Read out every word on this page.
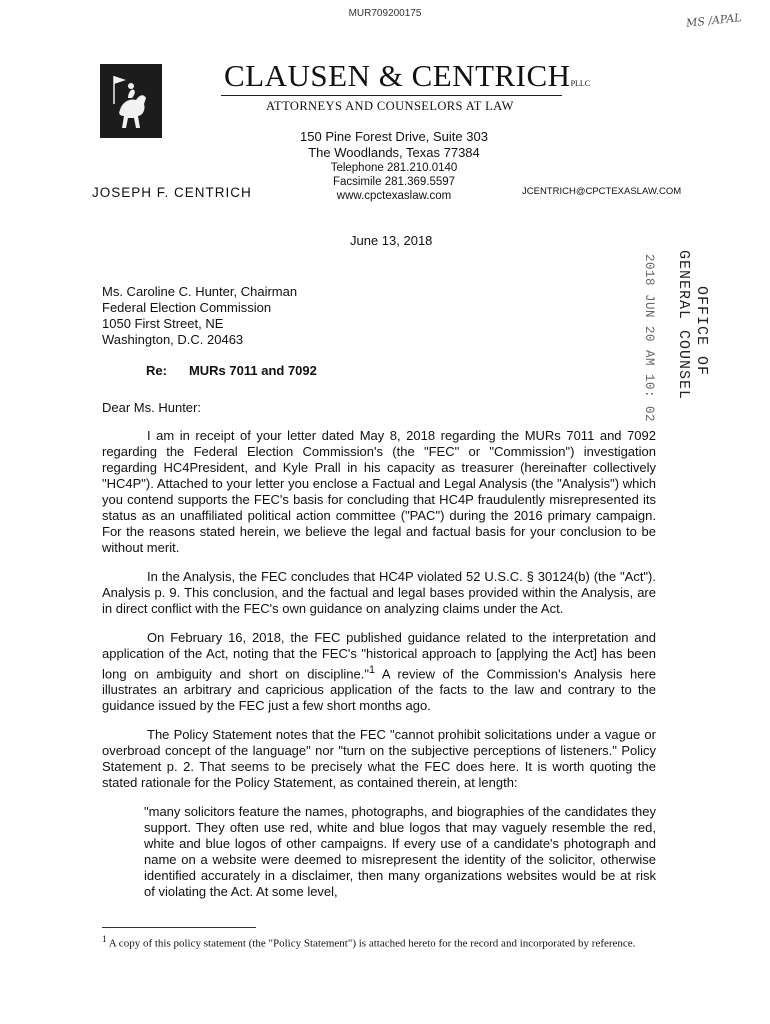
MUR709200175	MS /APAL
CLAUSEN & CENTRICHPLLC
ATTORNEYS AND COUNSELORS AT LAW
150 Pine Forest Drive, Suite 303
The Woodlands, Texas 77384
Telephone 281.210.0140
Facsimile 281.369.5597
www.cpctexaslaw.com
JOSEPH F. CENTRICH	JCENTRICH@CPCTEXASLAW.COM
June 13, 2018
OFFICE OF
GENERAL COUNSEL
2018 JUN 20 AM 10: 02
Ms. Caroline C. Hunter, Chairman
Federal Election Commission
1050 First Street, NE
Washington, D.C. 20463
Re: MURs 7011 and 7092
Dear Ms. Hunter:

I am in receipt of your letter dated May 8, 2018 regarding the MURs 7011 and 7092 regarding the Federal Election Commission's (the "FEC" or "Commission") investigation regarding HC4President, and Kyle Prall in his capacity as treasurer (hereinafter collectively "HC4P"). Attached to your letter you enclose a Factual and Legal Analysis (the "Analysis") which you contend supports the FEC's basis for concluding that HC4P fraudulently misrepresented its status as an unaffiliated political action committee ("PAC") during the 2016 primary campaign. For the reasons stated herein, we believe the legal and factual basis for your conclusion to be without merit.

In the Analysis, the FEC concludes that HC4P violated 52 U.S.C. § 30124(b) (the "Act"). Analysis p. 9. This conclusion, and the factual and legal bases provided within the Analysis, are in direct conflict with the FEC's own guidance on analyzing claims under the Act.

On February 16, 2018, the FEC published guidance related to the interpretation and application of the Act, noting that the FEC's "historical approach to [applying the Act] has been long on ambiguity and short on discipline."$^1$ A review of the Commission's Analysis here illustrates an arbitrary and capricious application of the facts to the law and contrary to the guidance issued by the FEC just a few short months ago.

The Policy Statement notes that the FEC "cannot prohibit solicitations under a vague or overbroad concept of the language" nor "turn on the subjective perceptions of listeners." Policy Statement p. 2. That seems to be precisely what the FEC does here. It is worth quoting the stated rationale for the Policy Statement, as contained therein, at length:

"many solicitors feature the names, photographs, and biographies of the candidates they support. They often use red, white and blue logos that may vaguely resemble the red, white and blue logos of other campaigns. If every use of a candidate's photograph and name on a website were deemed to misrepresent the identity of the solicitor, otherwise identified accurately in a disclaimer, then many organizations websites would be at risk of violating the Act. At some level,
$^1$ A copy of this policy statement (the "Policy Statement") is attached hereto for the record and incorporated by reference.
